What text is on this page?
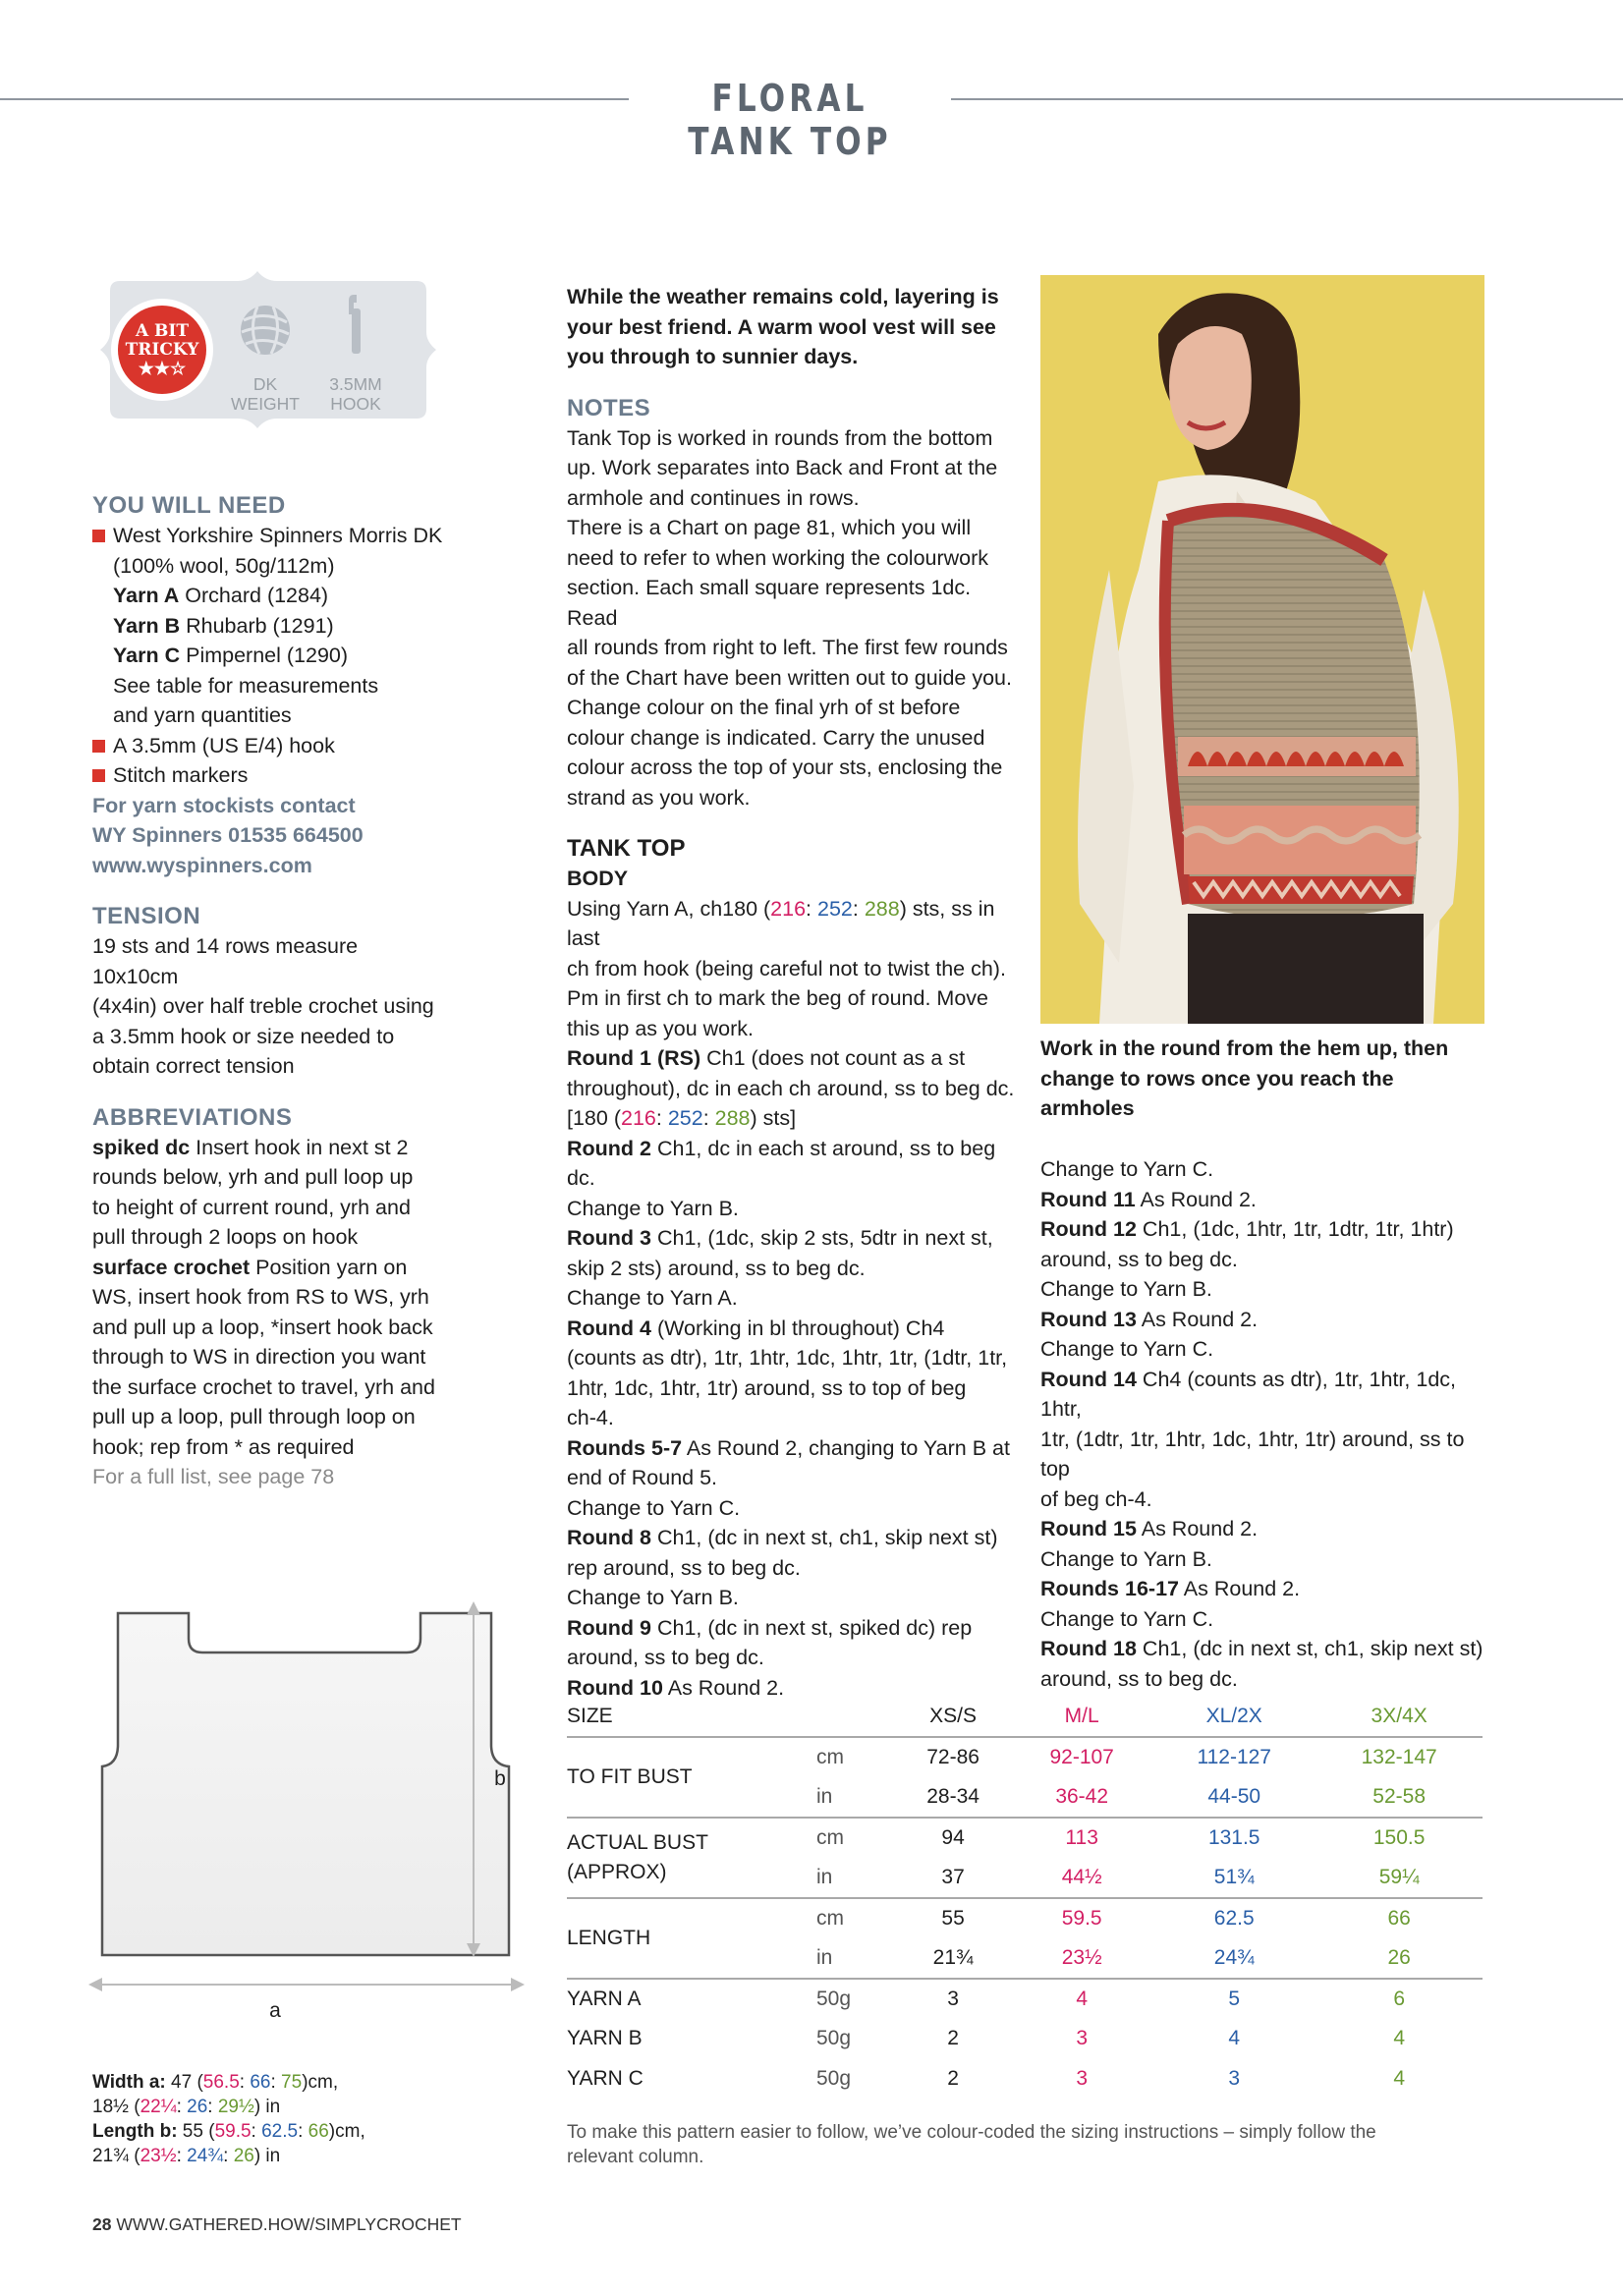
FLORAL TANK TOP
A BIT
TRICKY
★★☆
DK
WEIGHT
3.5MM
HOOK
YOU WILL NEED

West Yorkshire Spinners Morris DK

(100% wool, 50g/112m)

Yarn A Orchard (1284)

Yarn B Rhubarb (1291)

Yarn C Pimpernel (1290)

See table for measurements

and yarn quantities

A 3.5mm (US E/4) hook

Stitch markers

For yarn stockists contact

WY Spinners 01535 664500

www.wyspinners.com

TENSION

19 sts and 14 rows measure 10x10cm

(4x4in) over half treble crochet using

a 3.5mm hook or size needed to

obtain correct tension

ABBREVIATIONS

spiked dc Insert hook in next st 2

rounds below, yrh and pull loop up

to height of current round, yrh and

pull through 2 loops on hook

surface crochet Position yarn on

WS, insert hook from RS to WS, yrh

and pull up a loop, *insert hook back

through to WS in direction you want

the surface crochet to travel, yrh and

pull up a loop, pull through loop on

hook; rep from * as required

For a full list, see page 78

While the weather remains cold, layering is

your best friend. A warm wool vest will see

you through to sunnier days.

NOTES

Tank Top is worked in rounds from the bottom

up. Work separates into Back and Front at the

armhole and continues in rows.

There is a Chart on page 81, which you will

need to refer to when working the colourwork

section. Each small square represents 1dc. Read

all rounds from right to left. The first few rounds

of the Chart have been written out to guide you.

Change colour on the final yrh of st before

colour change is indicated. Carry the unused

colour across the top of your sts, enclosing the

strand as you work.

TANK TOP
BODY

Using Yarn A, ch180 (216: 252: 288) sts, ss in last

ch from hook (being careful not to twist the ch).

Pm in first ch to mark the beg of round. Move

this up as you work.

Round 1 (RS) Ch1 (does not count as a st

throughout), dc in each ch around, ss to beg dc.

[180 (216: 252: 288) sts]

Round 2 Ch1, dc in each st around, ss to beg dc.

Change to Yarn B.

Round 3 Ch1, (1dc, skip 2 sts, 5dtr in next st,

skip 2 sts) around, ss to beg dc.

Change to Yarn A.

Round 4 (Working in bl throughout) Ch4

(counts as dtr), 1tr, 1htr, 1dc, 1htr, 1tr, (1dtr, 1tr,

1htr, 1dc, 1htr, 1tr) around, ss to top of beg

ch-4.

Rounds 5-7 As Round 2, changing to Yarn B at

end of Round 5.

Change to Yarn C.

Round 8 Ch1, (dc in next st, ch1, skip next st)

rep around, ss to beg dc.

Change to Yarn B.

Round 9 Ch1, (dc in next st, spiked dc) rep

around, ss to beg dc.

Round 10 As Round 2.

Work in the round from the hem up, then

change to rows once you reach the armholes

Change to Yarn C.

Round 11 As Round 2.

Round 12 Ch1, (1dc, 1htr, 1tr, 1dtr, 1tr, 1htr)

around, ss to beg dc.

Change to Yarn B.

Round 13 As Round 2.

Change to Yarn C.

Round 14 Ch4 (counts as dtr), 1tr, 1htr, 1dc, 1htr,

1tr, (1dtr, 1tr, 1htr, 1dc, 1htr, 1tr) around, ss to top

of beg ch-4.

Round 15 As Round 2.

Change to Yarn B.

Rounds 16-17 As Round 2.

Change to Yarn C.

Round 18 Ch1, (dc in next st, ch1, skip next st)

around, ss to beg dc.

b
a

Width a: 47 (56.5: 66: 75)cm,

18½ (22¼: 26: 29½) in

Length b: 55 (59.5: 62.5: 66)cm,

21¾ (23½: 24¾: 26) in

SIZE		XS/S	M/L	XL/2X	3X/4X
TO FIT BUST	cm	72-86	92-107	112-127	132-147
	in	28-34	36-42	44-50	52-58

ACTUAL BUST
(APPROX)	cm	94	113	131.5	150.5
	in	37	44½	51¾	59¼
LENGTH	cm	55	59.5	62.5	66
	in	21¾	23½	24¾	26
YARN A	50g	3	4	5	6
YARN B	50g	2	3	4	4
YARN C	50g	2	3	3	4

To make this pattern easier to follow, we’ve colour-coded the sizing instructions – simply follow the

relevant column.

28 WWW.GATHERED.HOW/SIMPLYCROCHET
